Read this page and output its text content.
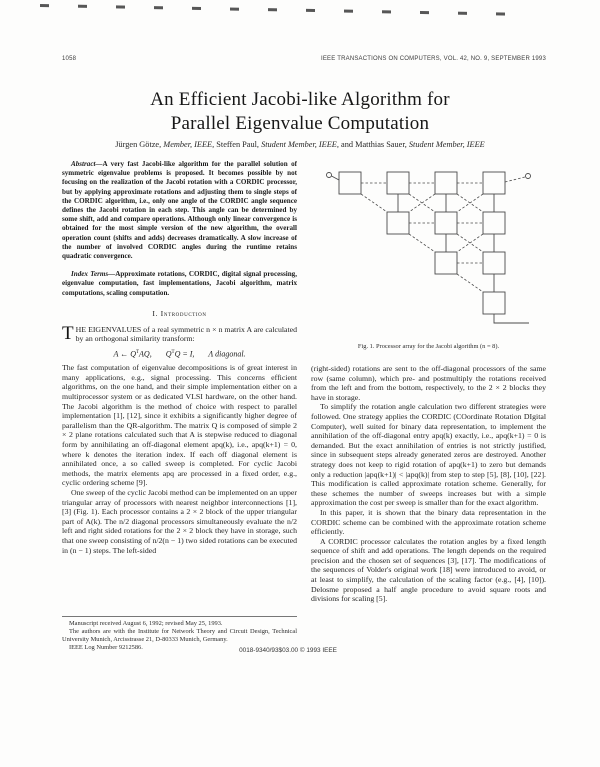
1058	IEEE TRANSACTIONS ON COMPUTERS, VOL. 42, NO. 9, SEPTEMBER 1993
An Efficient Jacobi-like Algorithm for
Parallel Eigenvalue Computation
Jürgen Götze, Member, IEEE, Steffen Paul, Student Member, IEEE, and Matthias Sauer, Student Member, IEEE

Abstract—A very fast Jacobi-like algorithm for the parallel solution of symmetric eigenvalue problems is proposed. It becomes possible by not focusing on the realization of the Jacobi rotation with a CORDIC processor, but by applying approximate rotations and adjusting them to single steps of the CORDIC algorithm, i.e., only one angle of the CORDIC angle sequence defines the Jacobi rotation in each step. This angle can be determined by some shift, add and compare operations. Although only linear convergence is obtained for the most simple version of the new algorithm, the overall operation count (shifts and adds) decreases dramatically. A slow increase of the number of involved CORDIC angles during the runtime retains quadratic convergence.

Index Terms—Approximate rotations, CORDIC, digital signal processing, eigenvalue computation, fast implementations, Jacobi algorithm, matrix computations, scaling computation.

I. Introduction

THE EIGENVALUES of a real symmetric n × n matrix A are calculated by an orthogonal similarity transform:

A ← $Q^TAQ$, $Q^TQ = I$, Λ diagonal.

The fast computation of eigenvalue decompositions is of great interest in many applications, e.g., signal processing. This concerns efficient algorithms, on the one hand, and their simple implementation either on a multiprocessor system or as dedicated VLSI hardware, on the other hand. The Jacobi algorithm is the method of choice with respect to parallel implementation [1], [12], since it exhibits a significantly higher degree of parallelism than the QR-algorithm. The matrix Q is composed of simple 2 × 2 plane rotations calculated such that A is stepwise reduced to diagonal form by annihilating an off-diagonal element apq(k), i.e., apq(k+1) = 0, where k denotes the iteration index. If each off diagonal element is annihilated once, a so called sweep is completed. For cyclic Jacobi methods, the matrix elements apq are processed in a fixed order, e.g., cyclic ordering scheme [9].

One sweep of the cyclic Jacobi method can be implemented on an upper triangular array of processors with nearest neighbor interconnections [1], [3] (Fig. 1). Each processor contains a 2 × 2 block of the upper triangular part of A(k). The n/2 diagonal processors simultaneously evaluate the n/2 left and right sided rotations for the 2 × 2 block they have in storage, such that one sweep consisting of n/2(n − 1) two sided rotations can be executed in (n − 1) steps. The left-sided

Manuscript received August 6, 1992; revised May 25, 1993.
The authors are with the Institute for Network Theory and Circuit Design, Technical University Munich, Arcisstrasse 21, D-80333 Munich, Germany.
IEEE Log Number 9212586.
Fig. 1. Processor array for the Jacobi algorithm (n = 8).

(right-sided) rotations are sent to the off-diagonal processors of the same row (same column), which pre- and postmultiply the rotations received from the left and from the bottom, respectively, to the 2 × 2 blocks they have in storage.

To simplify the rotation angle calculation two different strategies were followed. One strategy applies the CORDIC (COordinate Rotation DIgital Computer), well suited for binary data representation, to implement the annihilation of the off-diagonal entry apq(k) exactly, i.e., apq(k+1) = 0 is demanded. But the exact annihilation of entries is not strictly justified, since in subsequent steps already generated zeros are destroyed. Another strategy does not keep to rigid rotation of apq(k+1) to zero but demands only a reduction |apq(k+1)| < |apq(k)| from step to step [5], [8], [10], [22]. This modification is called approximate rotation scheme. Generally, for these schemes the number of sweeps increases but with a simple approximation the cost per sweep is smaller than for the exact algorithm.

In this paper, it is shown that the binary data representation in the CORDIC scheme can be combined with the approximate rotation scheme efficiently.

A CORDIC processor calculates the rotation angles by a fixed length sequence of shift and add operations. The length depends on the required precision and the chosen set of sequences [3], [17]. The modifications of the sequences of Volder's original work [18] were introduced to avoid, or at least to simplify, the calculation of the scaling factor (e.g., [4], [10]). Delosme proposed a half angle procedure to avoid square roots and divisions for scaling [5].

0018-9340/93$03.00 © 1993 IEEE
